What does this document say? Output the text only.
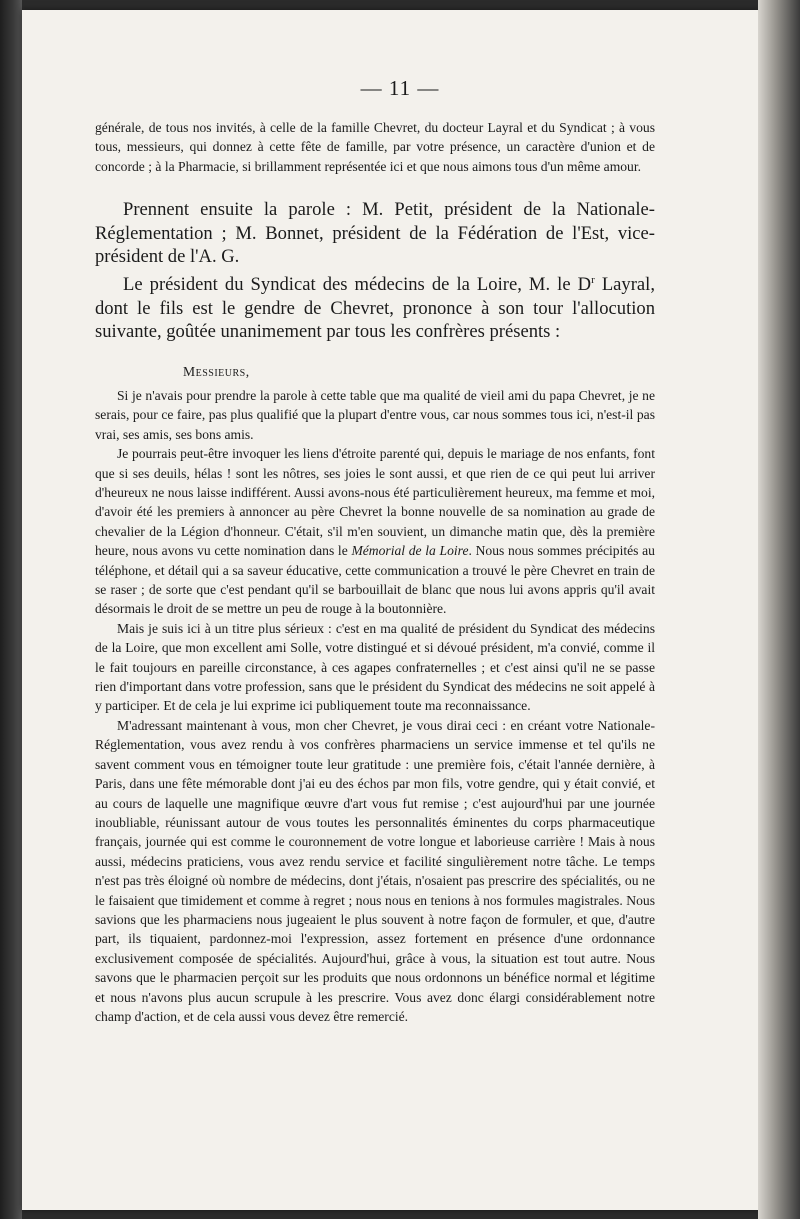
— 11 —

générale, de tous nos invités, à celle de la famille Chevret, du docteur Layral et du Syndicat ; à vous tous, messieurs, qui donnez à cette fête de famille, par votre présence, un caractère d'union et de concorde ; à la Pharmacie, si brillamment représentée ici et que nous aimons tous d'un même amour.

Prennent ensuite la parole : M. Petit, président de la Nationale-Réglementation ; M. Bonnet, président de la Fédération de l'Est, vice-président de l'A. G.

Le président du Syndicat des médecins de la Loire, M. le $D^r$ Layral, dont le fils est le gendre de Chevret, prononce à son tour l'allocution suivante, goûtée unanimement par tous les confrères présents :

Messieurs,

Si je n'avais pour prendre la parole à cette table que ma qualité de vieil ami du papa Chevret, je ne serais, pour ce faire, pas plus qualifié que la plupart d'entre vous, car nous sommes tous ici, n'est-il pas vrai, ses amis, ses bons amis.

Je pourrais peut-être invoquer les liens d'étroite parenté qui, depuis le mariage de nos enfants, font que si ses deuils, hélas ! sont les nôtres, ses joies le sont aussi, et que rien de ce qui peut lui arriver d'heureux ne nous laisse indifférent. Aussi avons-nous été particulièrement heureux, ma femme et moi, d'avoir été les premiers à annoncer au père Chevret la bonne nouvelle de sa nomination au grade de chevalier de la Légion d'honneur. C'était, s'il m'en souvient, un dimanche matin que, dès la première heure, nous avons vu cette nomination dans le Mémorial de la Loire. Nous nous sommes précipités au téléphone, et détail qui a sa saveur éducative, cette communication a trouvé le père Chevret en train de se raser ; de sorte que c'est pendant qu'il se barbouillait de blanc que nous lui avons appris qu'il avait désormais le droit de se mettre un peu de rouge à la boutonnière.

Mais je suis ici à un titre plus sérieux : c'est en ma qualité de président du Syndicat des médecins de la Loire, que mon excellent ami Solle, votre distingué et si dévoué président, m'a convié, comme il le fait toujours en pareille circonstance, à ces agapes confraternelles ; et c'est ainsi qu'il ne se passe rien d'important dans votre profession, sans que le président du Syndicat des médecins ne soit appelé à y participer. Et de cela je lui exprime ici publiquement toute ma reconnaissance.

M'adressant maintenant à vous, mon cher Chevret, je vous dirai ceci : en créant votre Nationale-Réglementation, vous avez rendu à vos confrères pharmaciens un service immense et tel qu'ils ne savent comment vous en témoigner toute leur gratitude : une première fois, c'était l'année dernière, à Paris, dans une fête mémorable dont j'ai eu des échos par mon fils, votre gendre, qui y était convié, et au cours de laquelle une magnifique œuvre d'art vous fut remise ; c'est aujourd'hui par une journée inoubliable, réunissant autour de vous toutes les personnalités éminentes du corps pharmaceutique français, journée qui est comme le couronnement de votre longue et laborieuse carrière ! Mais à nous aussi, médecins praticiens, vous avez rendu service et facilité singulièrement notre tâche. Le temps n'est pas très éloigné où nombre de médecins, dont j'étais, n'osaient pas prescrire des spécialités, ou ne le faisaient que timidement et comme à regret ; nous nous en tenions à nos formules magistrales. Nous savions que les pharmaciens nous jugeaient le plus souvent à notre façon de formuler, et que, d'autre part, ils tiquaient, pardonnez-moi l'expression, assez fortement en présence d'une ordonnance exclusivement composée de spécialités. Aujourd'hui, grâce à vous, la situation est tout autre. Nous savons que le pharmacien perçoit sur les produits que nous ordonnons un bénéfice normal et légitime et nous n'avons plus aucun scrupule à les prescrire. Vous avez donc élargi considérablement notre champ d'action, et de cela aussi vous devez être remercié.
